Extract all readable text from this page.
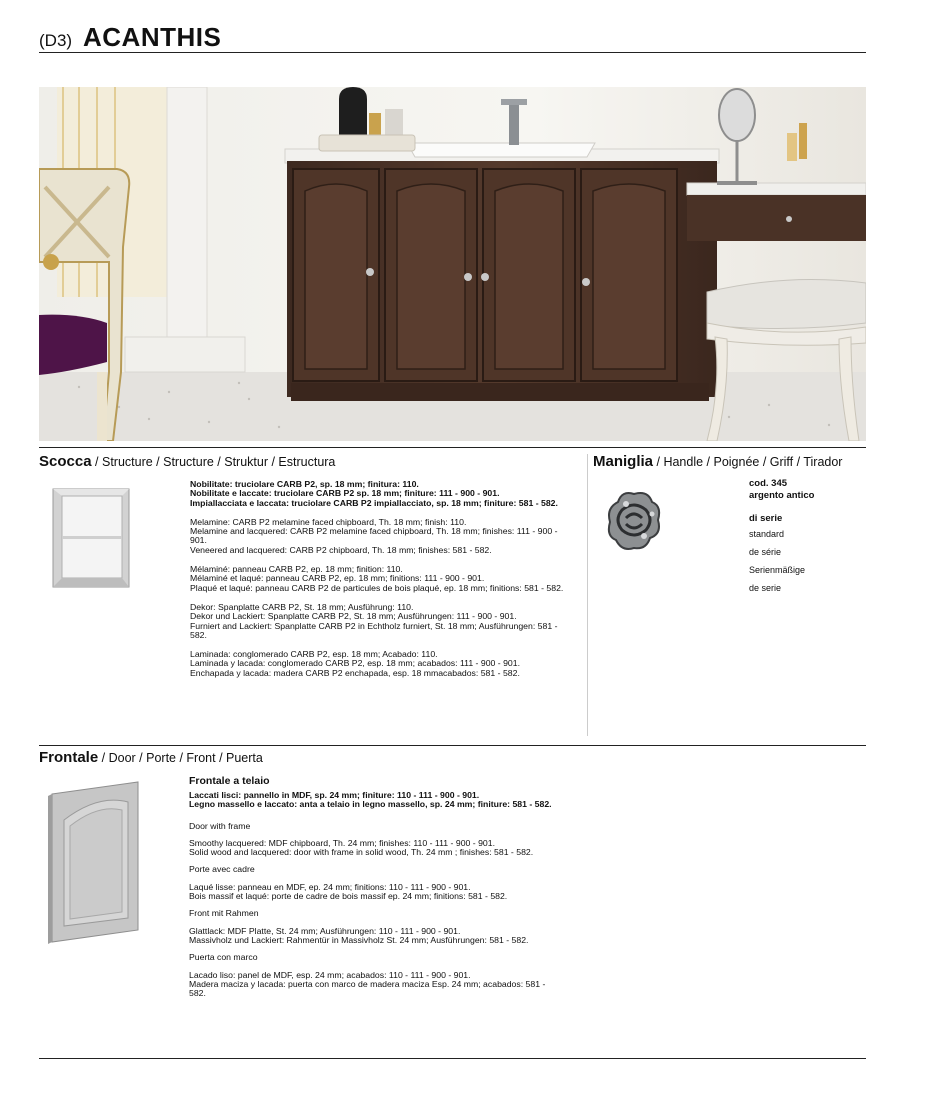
(D3) ACANTHIS
Scocca / Structure / Structure / Struktur / Estructura

Nobilitate: truciolare CARB P2, sp. 18 mm; finitura: 110.

Nobilitate e laccate: truciolare CARB P2 sp. 18 mm; finiture: 111 - 900 - 901.

Impiallacciata e laccata: truciolare CARB P2 impiallacciato, sp. 18 mm; finiture: 581 - 582.

Melamine: CARB P2 melamine faced chipboard, Th. 18 mm; finish: 110.

Melamine and lacquered: CARB P2 melamine faced chipboard, Th. 18 mm; finishes: 111 - 900 - 901.

Veneered and lacquered: CARB P2 chipboard, Th. 18 mm; finishes: 581 - 582.

Mélaminé: panneau CARB P2, ep. 18 mm; finition: 110.

Mélaminé et laqué: panneau CARB P2, ep. 18 mm; finitions: 111 - 900 - 901.

Plaqué et laqué: panneau CARB P2 de particules de bois plaqué, ep. 18 mm; finitions: 581 - 582.

Dekor: Spanplatte CARB P2, St. 18 mm; Ausführung: 110.

Dekor und Lackiert: Spanplatte CARB P2, St. 18 mm; Ausführungen: 111 - 900 - 901.

Furniert and Lackiert: Spanplatte CARB P2 in Echtholz furniert, St. 18 mm; Ausführungen: 581 - 582.

Laminada: conglomerado CARB P2, esp. 18 mm; Acabado: 110.

Laminada y lacada: conglomerado CARB P2, esp. 18 mm; acabados: 111 - 900 - 901.

Enchapada y lacada: madera CARB P2 enchapada, esp. 18 mmacabados: 581 - 582.

Maniglia / Handle / Poignée / Griff / Tirador
cod. 345
argento antico
di serie
standard
de série
Serienmäßige
de serie
Frontale / Door / Porte / Front / Puerta

Frontale a telaio

Laccati lisci: pannello in MDF, sp. 24 mm; finiture: 110 - 111 - 900 - 901.

Legno massello e laccato: anta a telaio in legno massello, sp. 24 mm; finiture: 581 - 582.

Door with frame

Smoothy lacquered: MDF chipboard, Th. 24 mm; finishes: 110 - 111 - 900 - 901.

Solid wood and lacquered: door with frame in solid wood, Th. 24 mm ; finishes: 581 - 582.

Porte avec cadre

Laqué lisse: panneau en MDF, ep. 24 mm; finitions: 110 - 111 - 900 - 901.

Bois massif et laqué: porte de cadre de bois massif ep. 24 mm; finitions: 581 - 582.

Front mit Rahmen

Glattlack: MDF Platte, St. 24 mm; Ausführungen: 110 - 111 - 900 - 901.

Massivholz und Lackiert: Rahmentür in Massivholz St. 24 mm; Ausführungen: 581 - 582.

Puerta con marco

Lacado liso: panel de MDF, esp. 24 mm; acabados: 110 - 111 - 900 - 901.

Madera maciza y lacada: puerta con marco de madera maciza Esp. 24 mm; acabados: 581 - 582.
